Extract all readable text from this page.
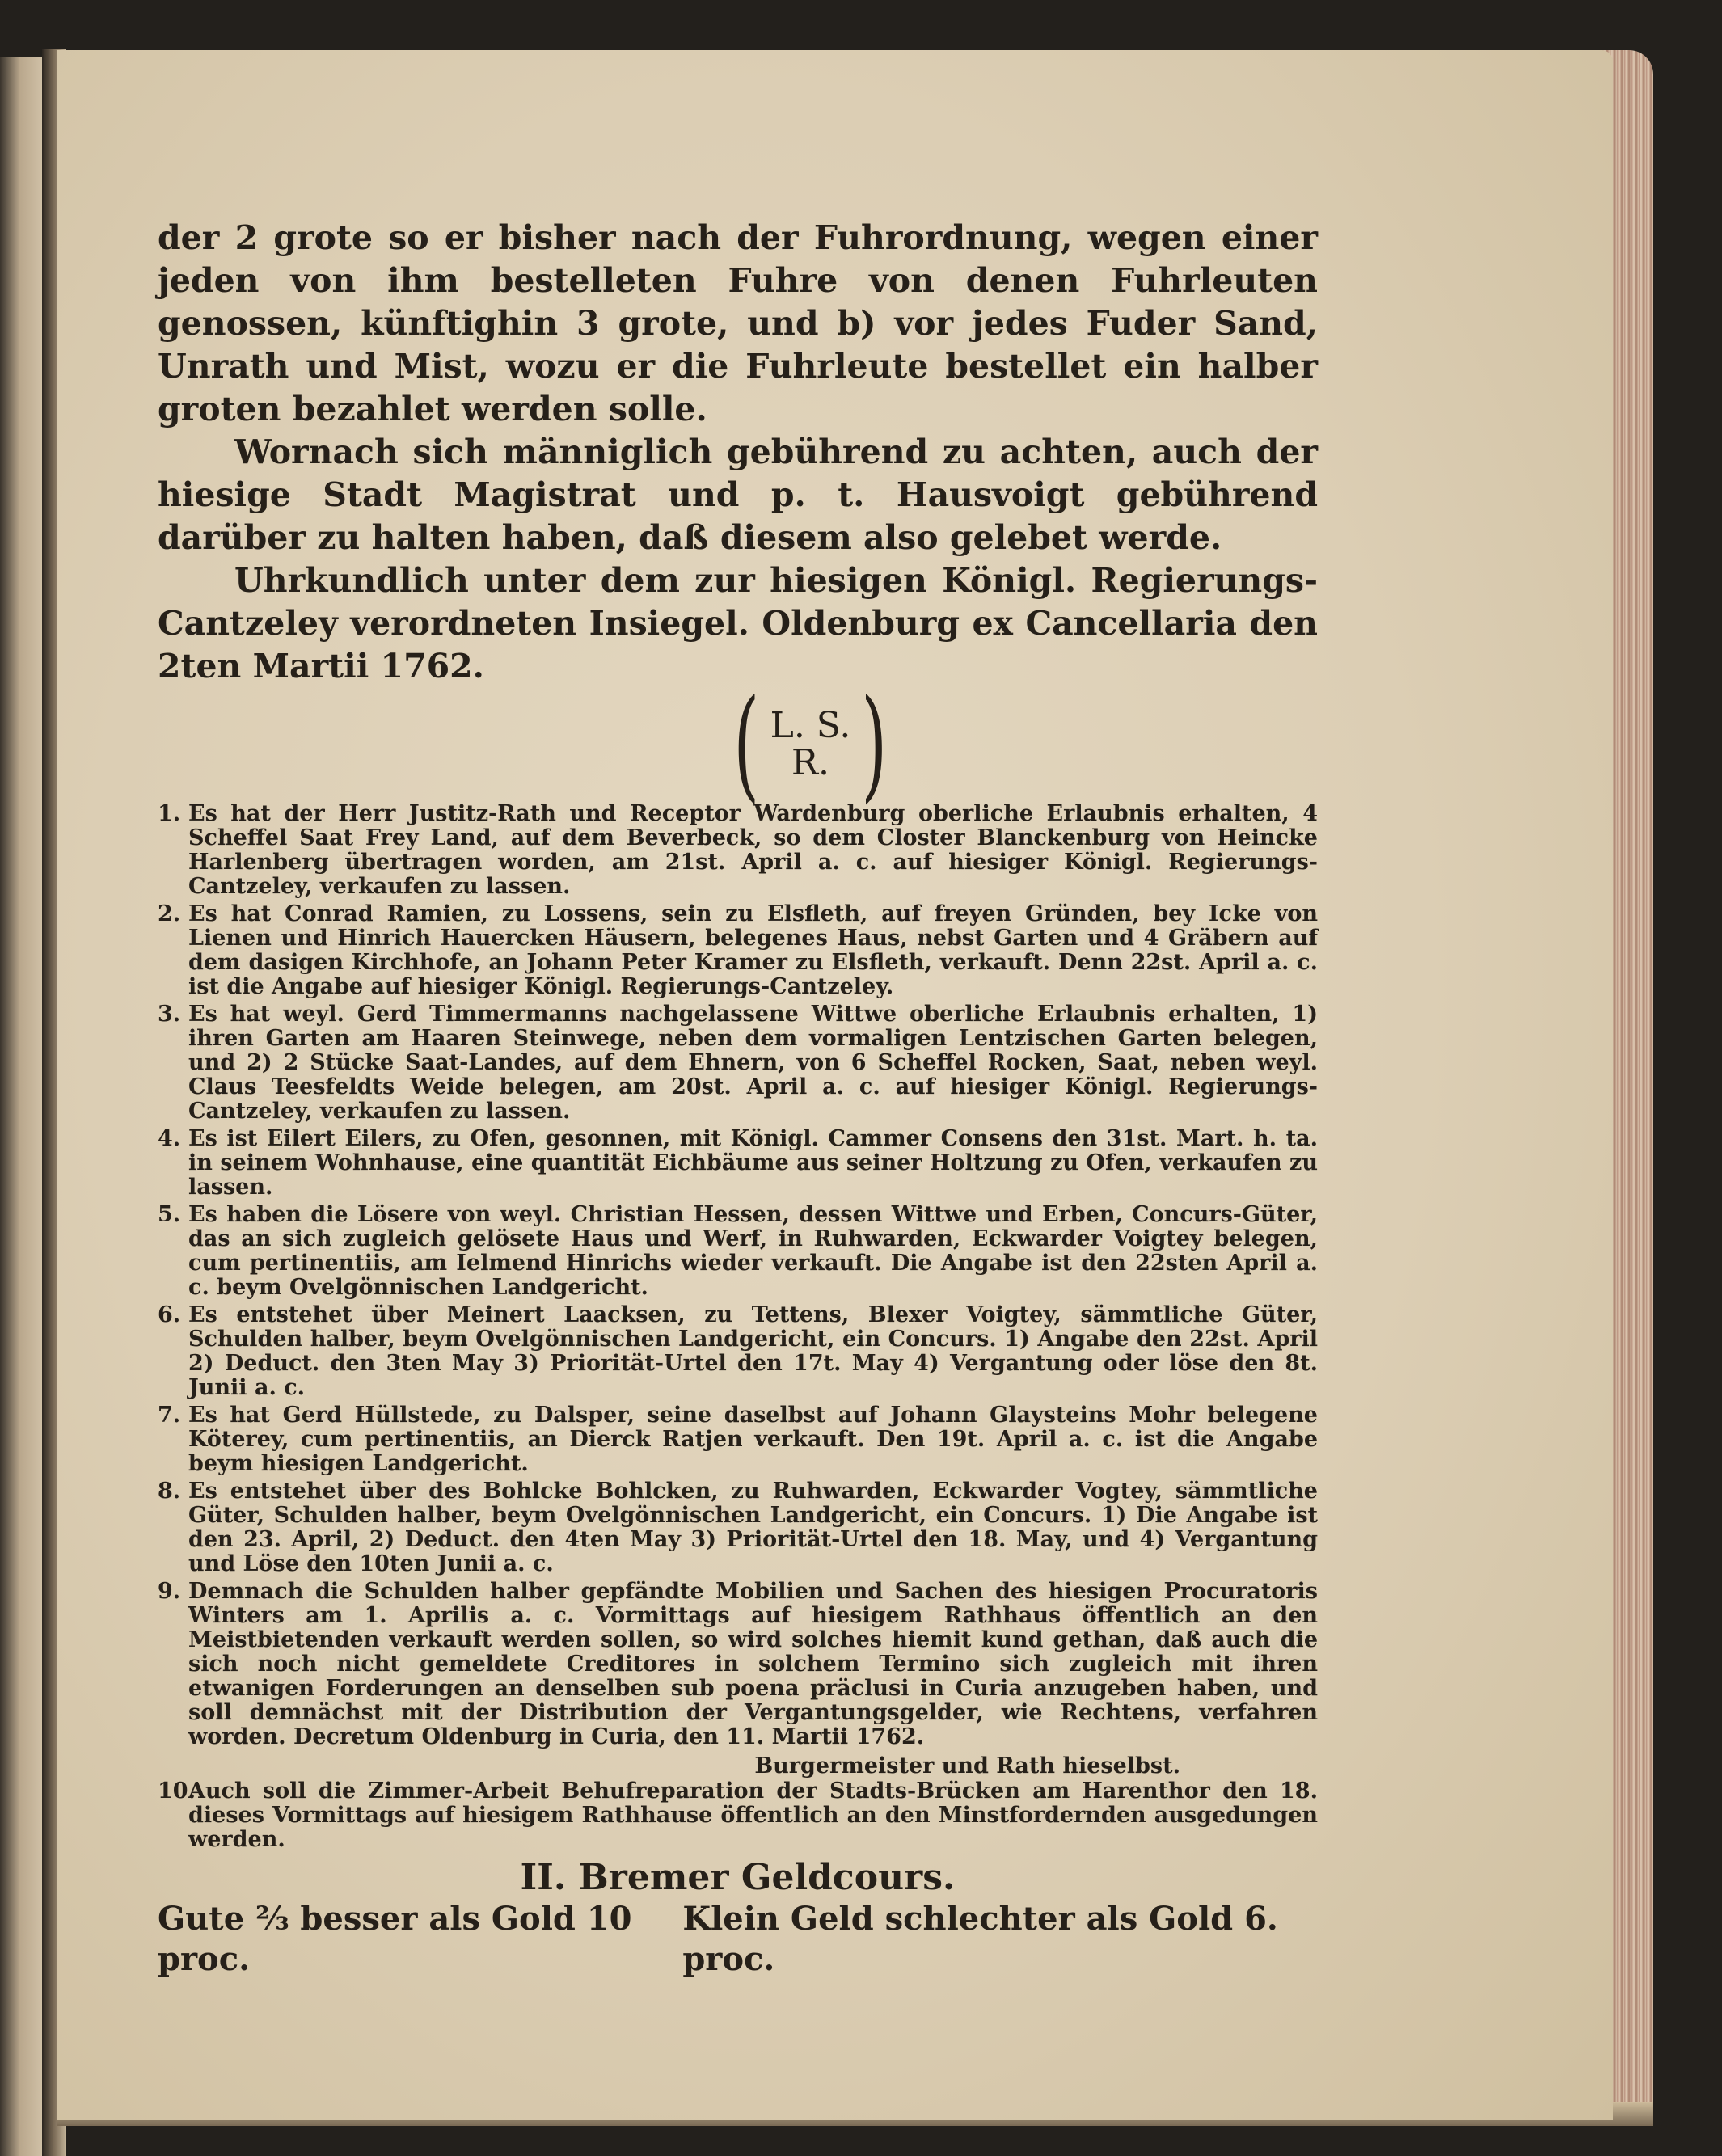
der 2 grote so er bisher nach der Fuhrordnung, wegen einer jeden von ihm bestelleten Fuhre von denen Fuhrleuten genossen, künftighin 3 grote, und b) vor jedes Fuder Sand, Unrath und Mist, wozu er die Fuhrleute bestellet ein halber groten bezahlet werden solle.

Wornach sich männiglich gebührend zu achten, auch der hiesige Stadt Magistrat und p. t. Hausvoigt gebührend darüber zu halten haben, daß diesem also gelebet werde.

Uhrkundlich unter dem zur hiesigen Königl. Regierungs-Cantzeley verordneten Insiegel. Oldenburg ex Cancellaria den 2ten Martii 1762.

( L. S.
R. )
1. Es hat der Herr Justitz-Rath und Receptor Wardenburg oberliche Erlaubnis erhalten, 4 Scheffel Saat Frey Land, auf dem Beverbeck, so dem Closter Blanckenburg von Heincke Harlenberg übertragen worden, am 21st. April a. c. auf hiesiger Königl. Regierungs-Cantzeley, verkaufen zu lassen.
2. Es hat Conrad Ramien, zu Lossens, sein zu Elsfleth, auf freyen Gründen, bey Icke von Lienen und Hinrich Hauercken Häusern, belegenes Haus, nebst Garten und 4 Gräbern auf dem dasigen Kirchhofe, an Johann Peter Kramer zu Elsfleth, verkauft. Denn 22st. April a. c. ist die Angabe auf hiesiger Königl. Regierungs-Cantzeley.
3. Es hat weyl. Gerd Timmermanns nachgelassene Wittwe oberliche Erlaubnis erhalten, 1) ihren Garten am Haaren Steinwege, neben dem vormaligen Lentzischen Garten belegen, und 2) 2 Stücke Saat-Landes, auf dem Ehnern, von 6 Scheffel Rocken, Saat, neben weyl. Claus Teesfeldts Weide belegen, am 20st. April a. c. auf hiesiger Königl. Regierungs-Cantzeley, verkaufen zu lassen.
4. Es ist Eilert Eilers, zu Ofen, gesonnen, mit Königl. Cammer Consens den 31st. Mart. h. ta. in seinem Wohnhause, eine quantität Eichbäume aus seiner Holtzung zu Ofen, verkaufen zu lassen.
5. Es haben die Lösere von weyl. Christian Hessen, dessen Wittwe und Erben, Concurs-Güter, das an sich zugleich gelösete Haus und Werf, in Ruhwarden, Eckwarder Voigtey belegen, cum pertinentiis, am Ielmend Hinrichs wieder verkauft. Die Angabe ist den 22sten April a. c. beym Ovelgönnischen Landgericht.
6. Es entstehet über Meinert Laacksen, zu Tettens, Blexer Voigtey, sämmtliche Güter, Schulden halber, beym Ovelgönnischen Landgericht, ein Concurs. 1) Angabe den 22st. April 2) Deduct. den 3ten May 3) Priorität-Urtel den 17t. May 4) Vergantung oder löse den 8t. Junii a. c.
7. Es hat Gerd Hüllstede, zu Dalsper, seine daselbst auf Johann Glaysteins Mohr belegene Köterey, cum pertinentiis, an Dierck Ratjen verkauft. Den 19t. April a. c. ist die Angabe beym hiesigen Landgericht.
8. Es entstehet über des Bohlcke Bohlcken, zu Ruhwarden, Eckwarder Vogtey, sämmtliche Güter, Schulden halber, beym Ovelgönnischen Landgericht, ein Concurs. 1) Die Angabe ist den 23. April, 2) Deduct. den 4ten May 3) Priorität-Urtel den 18. May, und 4) Vergantung und Löse den 10ten Junii a. c.
9. Demnach die Schulden halber gepfändte Mobilien und Sachen des hiesigen Procuratoris Winters am 1. Aprilis a. c. Vormittags auf hiesigem Rathhaus öffentlich an den Meistbietenden verkauft werden sollen, so wird solches hiemit kund gethan, daß auch die sich noch nicht gemeldete Creditores in solchem Termino sich zugleich mit ihren etwanigen Forderungen an denselben sub poena präclusi in Curia anzugeben haben, und soll demnächst mit der Distribution der Vergantungsgelder, wie Rechtens, verfahren worden. Decretum Oldenburg in Curia, den 11. Martii 1762.

Burgermeister und Rath hieselbst.

10.
Auch soll die Zimmer-Arbeit Behufreparation der Stadts-Brücken am Harenthor den 18. dieses Vormittags auf hiesigem Rathhause öffentlich an den Minstfordernden ausgedungen werden.

II. Bremer Geldcours.

Gute ⅔ besser als Gold 10 proc.
Klein Geld schlechter als Gold 6. proc.
